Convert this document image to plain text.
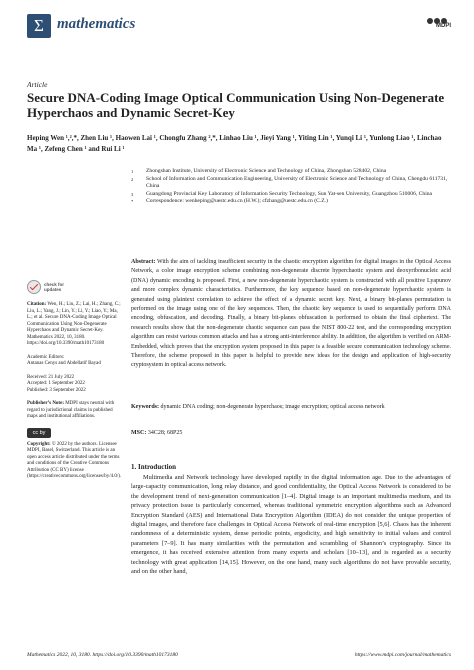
Σ mathematics	MDPI
Article
Secure DNA-Coding Image Optical Communication Using Non-Degenerate Hyperchaos and Dynamic Secret-Key
Heping Wen ¹,²,*, Zhen Liu ¹, Haowen Lai ¹, Chongfu Zhang ²,*, Linhao Liu ¹, Jieyi Yang ¹, Yiting Lin ¹, Yunqi Li ¹, Yunlong Liao ¹, Linchao Ma ¹, Zefeng Chen ¹ and Rui Li ¹
1 Zhongshan Institute, University of Electronic Science and Technology of China, Zhongshan 528402, China
2 School of Information and Communication Engineering, University of Electronic Science and Technology of China, Chengdu 611731, China
3 Guangdong Provincial Key Laboratory of Information Security Technology, Sun Yat-sen University, Guangzhou 510006, China
* Correspondence: wenheping@uestc.edu.cn (H.W.); cfzhang@uestc.edu.cn (C.Z.)
Abstract: With the aim of tackling insufficient security in the chaotic encryption algorithm for digital images in the Optical Access Network, a color image encryption scheme combining non-degenerate discrete hyperchaotic system and deoxyribonucleic acid (DNA) dynamic encoding is proposed. First, a new non-degenerate hyperchaotic system is constructed with all positive Lyapunov and more complex dynamic characteristics. Furthermore, the key sequence based on non-degenerate hyperchaotic system is generated using plaintext correlation to achieve the effect of a dynamic secret key. Next, a binary bit-planes permutation is performed on the image using one of the key sequences. Then, the chaotic key sequence is used to sequentially perform DNA encoding, obfuscation, and decoding. Finally, a binary bit-planes obfuscation is performed to obtain the final ciphertext. The research results show that the non-degenerate chaotic sequence can pass the NIST 800-22 test, and the corresponding encryption algorithm can resist various common attacks and has a strong anti-interference ability. In addition, the algorithm is verified on ARM-Embedded, which proves that the encryption system proposed in this paper is a feasible secure communication technology scheme. Therefore, the scheme proposed in this paper is helpful to provide new ideas for the design and application of high-security cryptosystem in optical access network.
Keywords: dynamic DNA coding; non-degenerate hyperchaos; image encryption; optical access network
MSC: 34C28; 68P25
check for
updates
Citation: Wen, H.; Liu, Z.; Lai, H.; Zhang, C.; Liu, L.; Yang, J.; Lin, Y.; Li, Y.; Liao, Y.; Ma, L.; et al. Secure DNA-Coding Image Optical Communication Using Non-Degenerate Hyperchaos and Dynamic Secret-Key. Mathematics 2022, 10, 3180. https://doi.org/10.3390/math10173180
Academic Editors:
Antanas Cenys and Abdellatif Bayad
Received: 21 July 2022
Accepted: 1 September 2022
Published: 3 September 2022
Publisher’s Note: MDPI stays neutral with regard to jurisdictional claims in published maps and institutional affiliations.
cc by
Copyright: © 2022 by the authors. Licensee MDPI, Basel, Switzerland. This article is an open access article distributed under the terms and conditions of the Creative Commons Attribution (CC BY) license (https://creativecommons.org/licenses/by/4.0/).
1. Introduction

Multimedia and Network technology have developed rapidly in the digital information age. Due to the advantages of large-capacity communication, long relay distance, and good confidentiality, the Optical Access Network is considered to be the development trend of next-generation communication [1–4]. Digital image is an important multimedia medium, and its privacy protection issue is particularly concerned, whereas traditional symmetric encryption algorithms such as Advanced Encryption Standard (AES) and International Data Encryption Algorithm (IDEA) do not consider the unique properties of digital images, and therefore face challenges in Optical Access Network of real-time encryption [5,6]. Chaos has the inherent randomness of a deterministic system, dense periodic points, ergodicity, and high sensitivity to initial values and control parameters [7–9]. It has many similarities with the permutation and scrambling of Shannon’s cryptography. Since its emergence, it has received extensive attention from many experts and scholars [10–13], and is regarded as a security technology with great application [14,15]. However, on the one hand, many such algorithms do not have provable security, and on the other hand,

Mathematics 2022, 10, 3180. https://doi.org/10.3390/math10173180	https://www.mdpi.com/journal/mathematics
